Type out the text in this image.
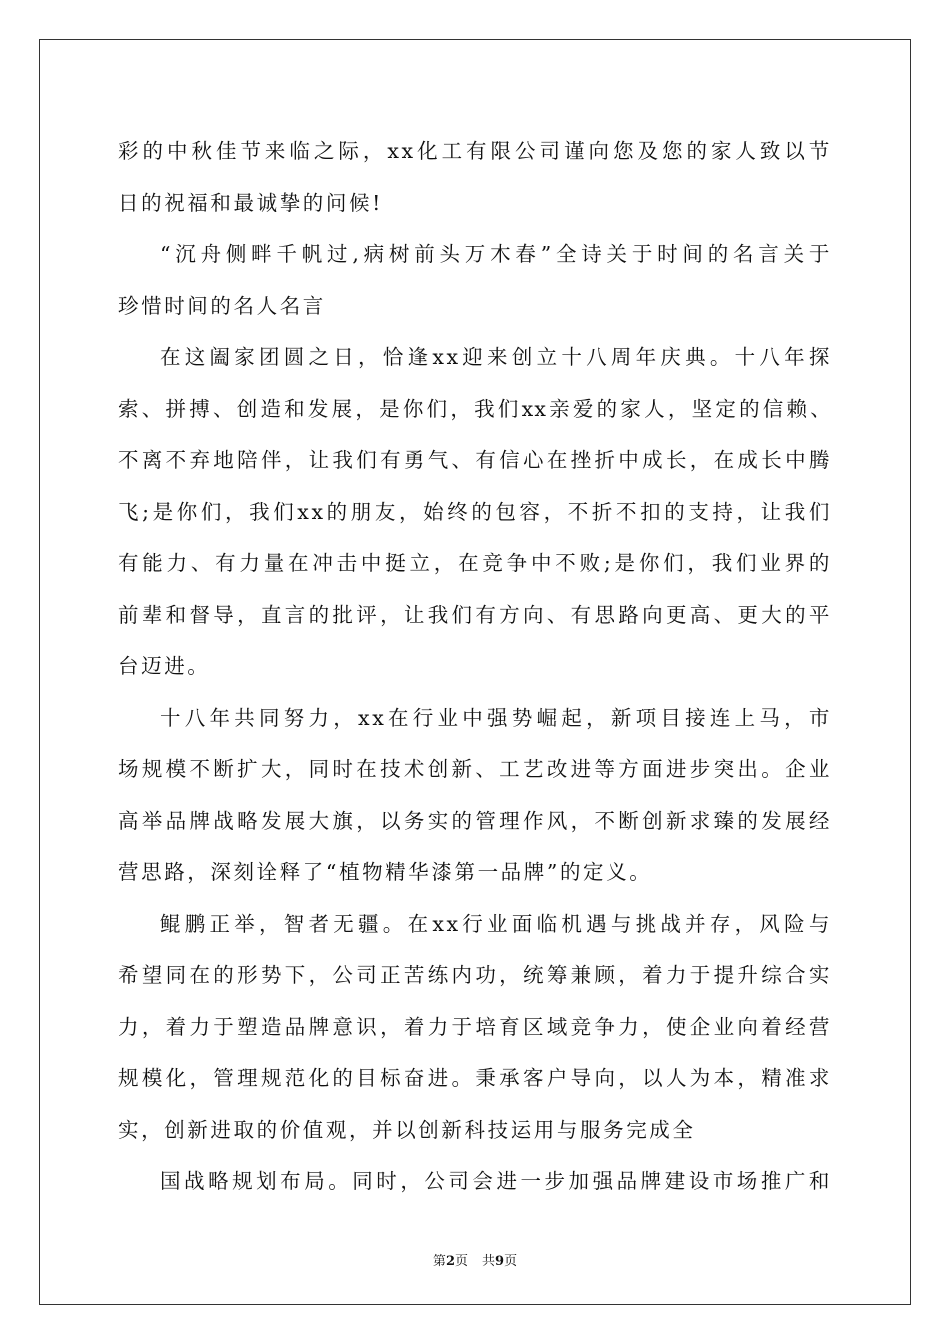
彩的中秋佳节来临之际，xx化工有限公司谨向您及您的家人致以节
日的祝福和最诚挚的问候!
“沉舟侧畔千帆过,病树前头万木春”全诗关于时间的名言关于
珍惜时间的名人名言
在这阖家团圆之日，恰逢xx迎来创立十八周年庆典。十八年探
索、拼搏、创造和发展，是你们，我们xx亲爱的家人，坚定的信赖、
不离不弃地陪伴，让我们有勇气、有信心在挫折中成长，在成长中腾
飞;是你们，我们xx的朋友，始终的包容，不折不扣的支持，让我们
有能力、有力量在冲击中挺立，在竞争中不败;是你们，我们业界的
前辈和督导，直言的批评，让我们有方向、有思路向更高、更大的平
台迈进。
十八年共同努力，xx在行业中强势崛起，新项目接连上马，市
场规模不断扩大，同时在技术创新、工艺改进等方面进步突出。企业
高举品牌战略发展大旗，以务实的管理作风，不断创新求臻的发展经
营思路，深刻诠释了“植物精华漆第一品牌”的定义。
鲲鹏正举，智者无疆。在xx行业面临机遇与挑战并存，风险与
希望同在的形势下，公司正苦练内功，统筹兼顾，着力于提升综合实
力，着力于塑造品牌意识，着力于培育区域竞争力，使企业向着经营
规模化，管理规范化的目标奋进。秉承客户导向，以人为本，精准求
实，创新进取的价值观，并以创新科技运用与服务完成全
国战略规划布局。同时，公司会进一步加强品牌建设市场推广和
第2页 共9页
